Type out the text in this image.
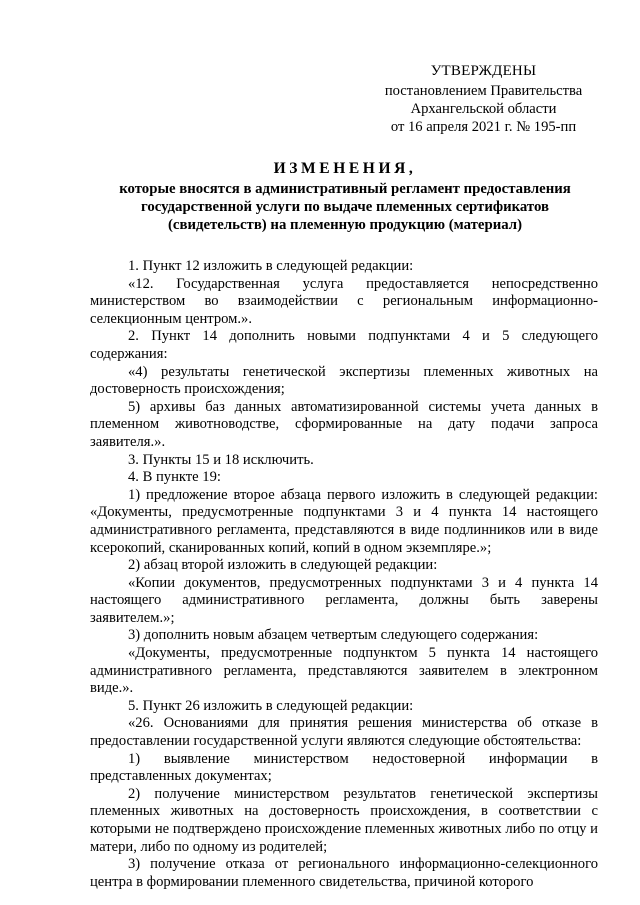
УТВЕРЖДЕНЫ
постановлением Правительства
Архангельской области
от 16 апреля 2021 г. № 195-пп
ИЗМЕНЕНИЯ,
которые вносятся в административный регламент предоставления государственной услуги по выдаче племенных сертификатов (свидетельств) на племенную продукцию (материал)

1. Пункт 12 изложить в следующей редакции:

«12. Государственная услуга предоставляется непосредственно министерством во взаимодействии с региональным информационно-селекционным центром.».

2. Пункт 14 дополнить новыми подпунктами 4 и 5 следующего содержания:

«4) результаты генетической экспертизы племенных животных на достоверность происхождения;

5) архивы баз данных автоматизированной системы учета данных в племенном животноводстве, сформированные на дату подачи запроса заявителя.».

3. Пункты 15 и 18 исключить.

4. В пункте 19:

1) предложение второе абзаца первого изложить в следующей редакции: «Документы, предусмотренные подпунктами 3 и 4 пункта 14 настоящего административного регламента, представляются в виде подлинников или в виде ксерокопий, сканированных копий, копий в одном экземпляре.»;

2) абзац второй изложить в следующей редакции:

«Копии документов, предусмотренных подпунктами 3 и 4 пункта 14 настоящего административного регламента, должны быть заверены заявителем.»;

3) дополнить новым абзацем четвертым следующего содержания:

«Документы, предусмотренные подпунктом 5 пункта 14 настоящего административного регламента, представляются заявителем в электронном виде.».

5. Пункт 26 изложить в следующей редакции:

«26. Основаниями для принятия решения министерства об отказе в предоставлении государственной услуги являются следующие обстоятельства:

1) выявление министерством недостоверной информации в представленных документах;

2) получение министерством результатов генетической экспертизы племенных животных на достоверность происхождения, в соответствии с которыми не подтверждено происхождение племенных животных либо по отцу и матери, либо по одному из родителей;

3) получение отказа от регионального информационно-селекционного центра в формировании племенного свидетельства, причиной которого
